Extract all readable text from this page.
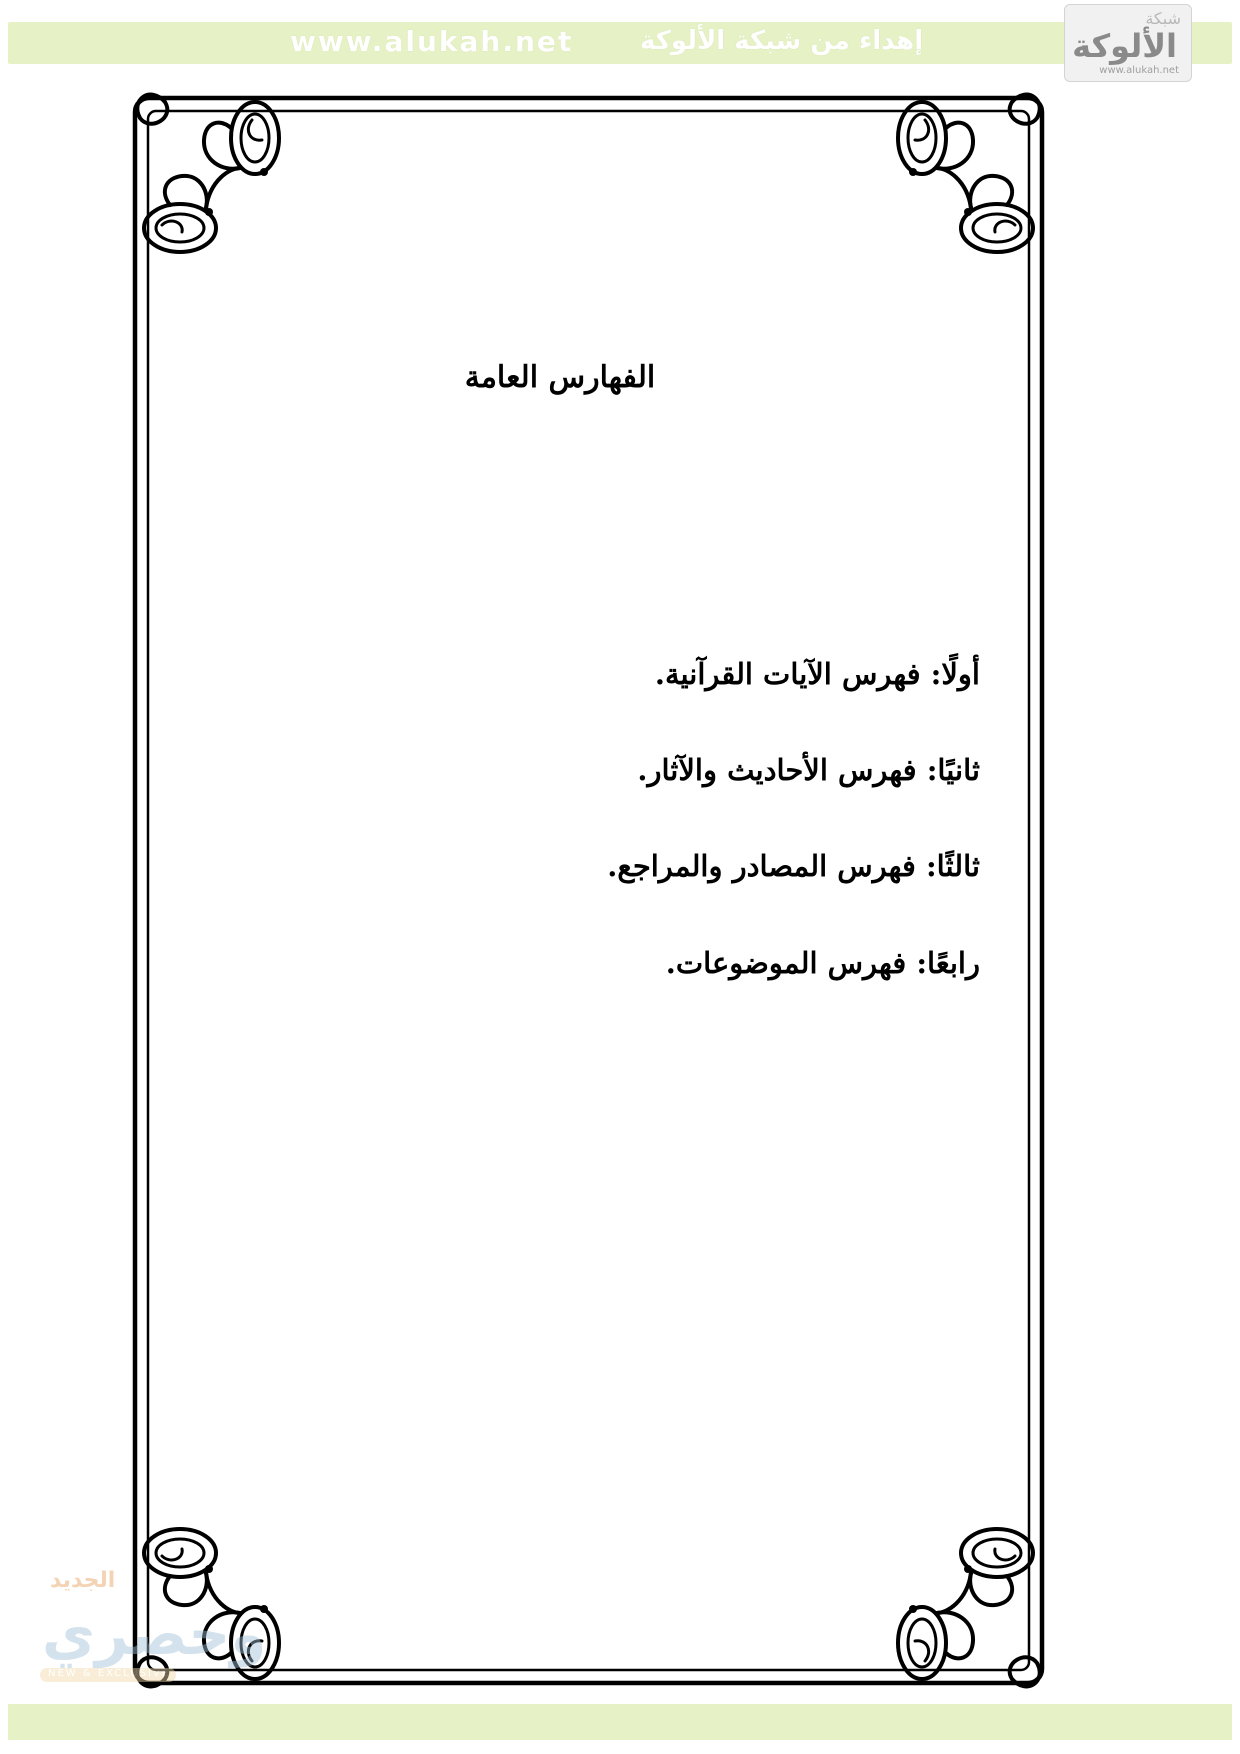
www.alukah.net	إهداء من شبكة الألوكة
شبكة
الألوكة
www.alukah.net
الفهارس العامة
أولًا: فهرس الآيات القرآنية.
ثانيًا: فهرس الأحاديث والآثار.
ثالثًا: فهرس المصادر والمراجع.
رابعًا: فهرس الموضوعات.
الجديد
وحصري
NEW & EXCLUSIVE
